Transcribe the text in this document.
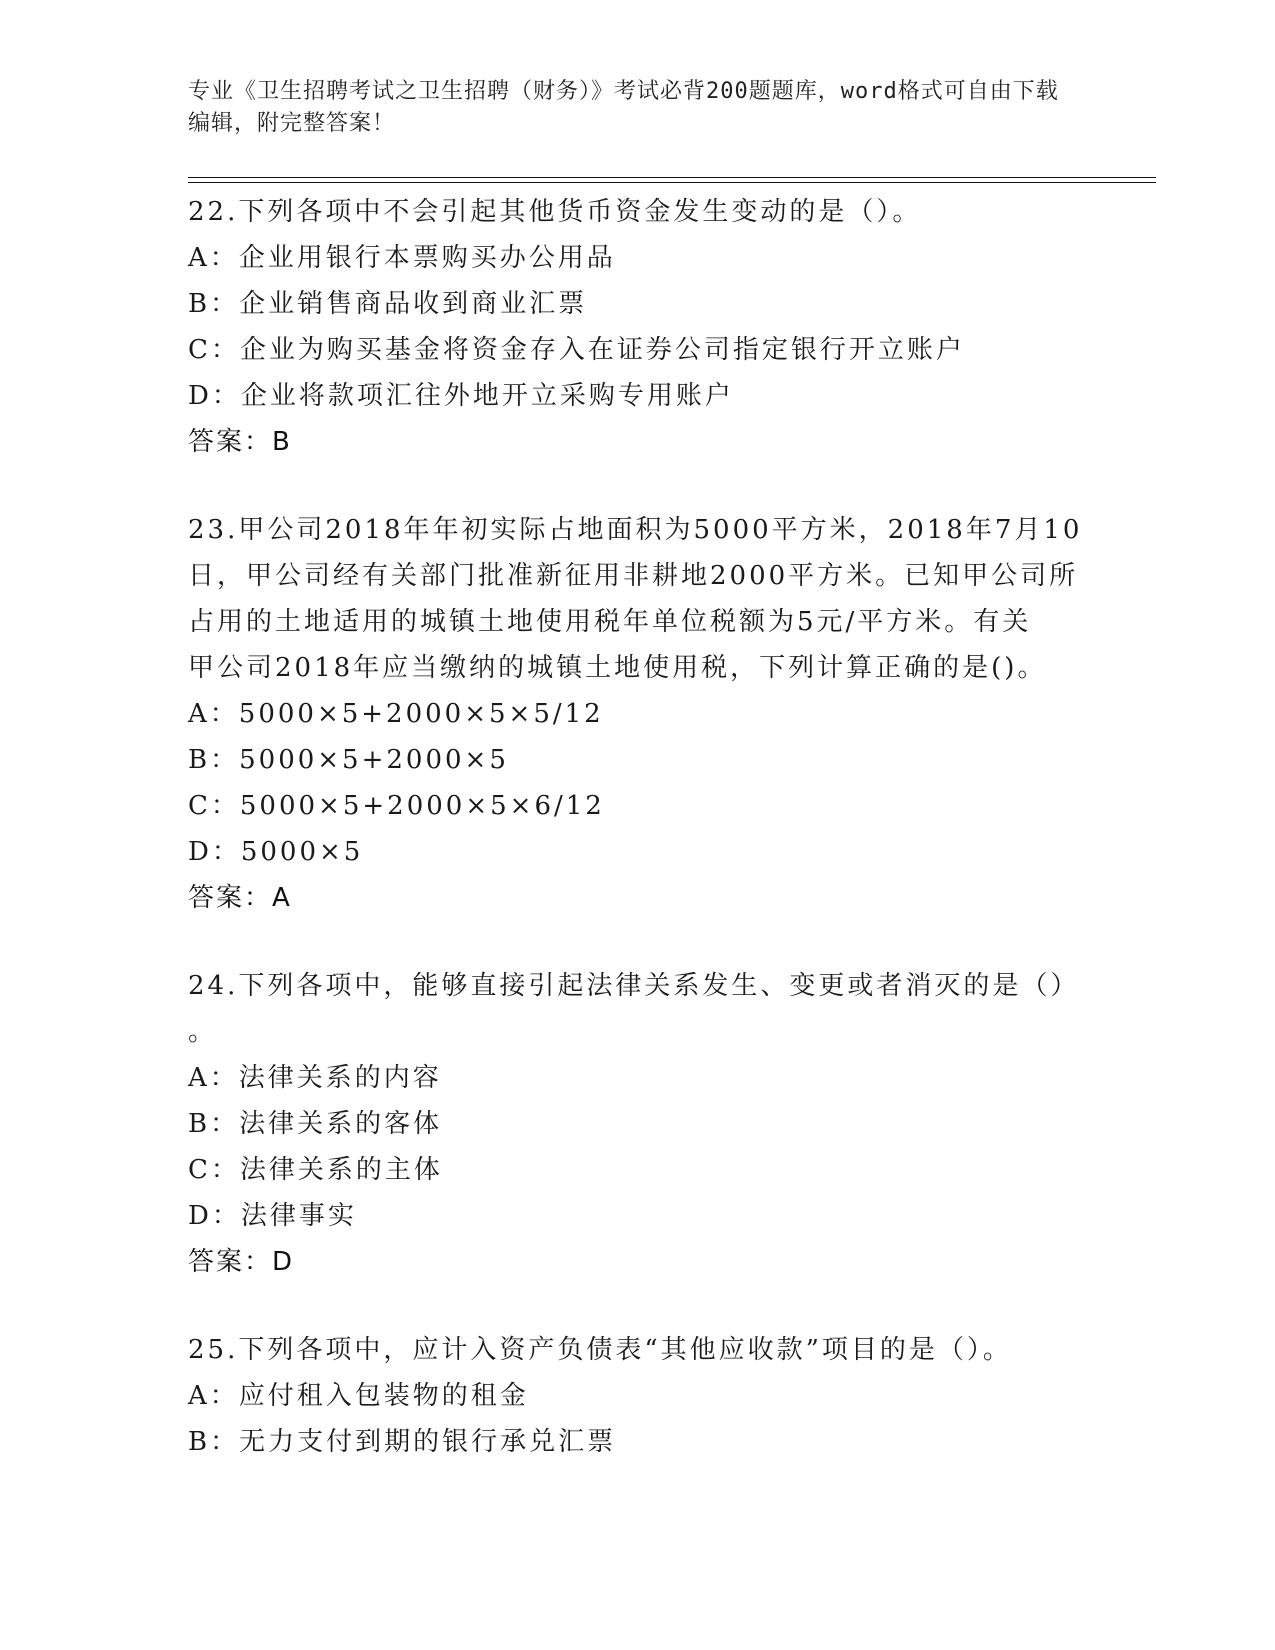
专业《卫生招聘考试之卫生招聘（财务）》考试必背200题题库，word格式可自由下载编辑，附完整答案！
22.下列各项中不会引起其他货币资金发生变动的是（）。
A：企业用银行本票购买办公用品
B：企业销售商品收到商业汇票
C：企业为购买基金将资金存入在证券公司指定银行开立账户
D：企业将款项汇往外地开立采购专用账户
答案：B
23.甲公司2018年年初实际占地面积为5000平方米，2018年7月10
日，甲公司经有关部门批准新征用非耕地2000平方米。已知甲公司所
占用的土地适用的城镇土地使用税年单位税额为5元/平方米。有关
甲公司2018年应当缴纳的城镇土地使用税，下列计算正确的是()。
A：5000×5+2000×5×5/12
B：5000×5+2000×5
C：5000×5+2000×5×6/12
D：5000×5
答案：A
24.下列各项中，能够直接引起法律关系发生、变更或者消灭的是（）
。
A：法律关系的内容
B：法律关系的客体
C：法律关系的主体
D：法律事实
答案：D
25.下列各项中，应计入资产负债表“其他应收款”项目的是（）。
A：应付租入包装物的租金
B：无力支付到期的银行承兑汇票
